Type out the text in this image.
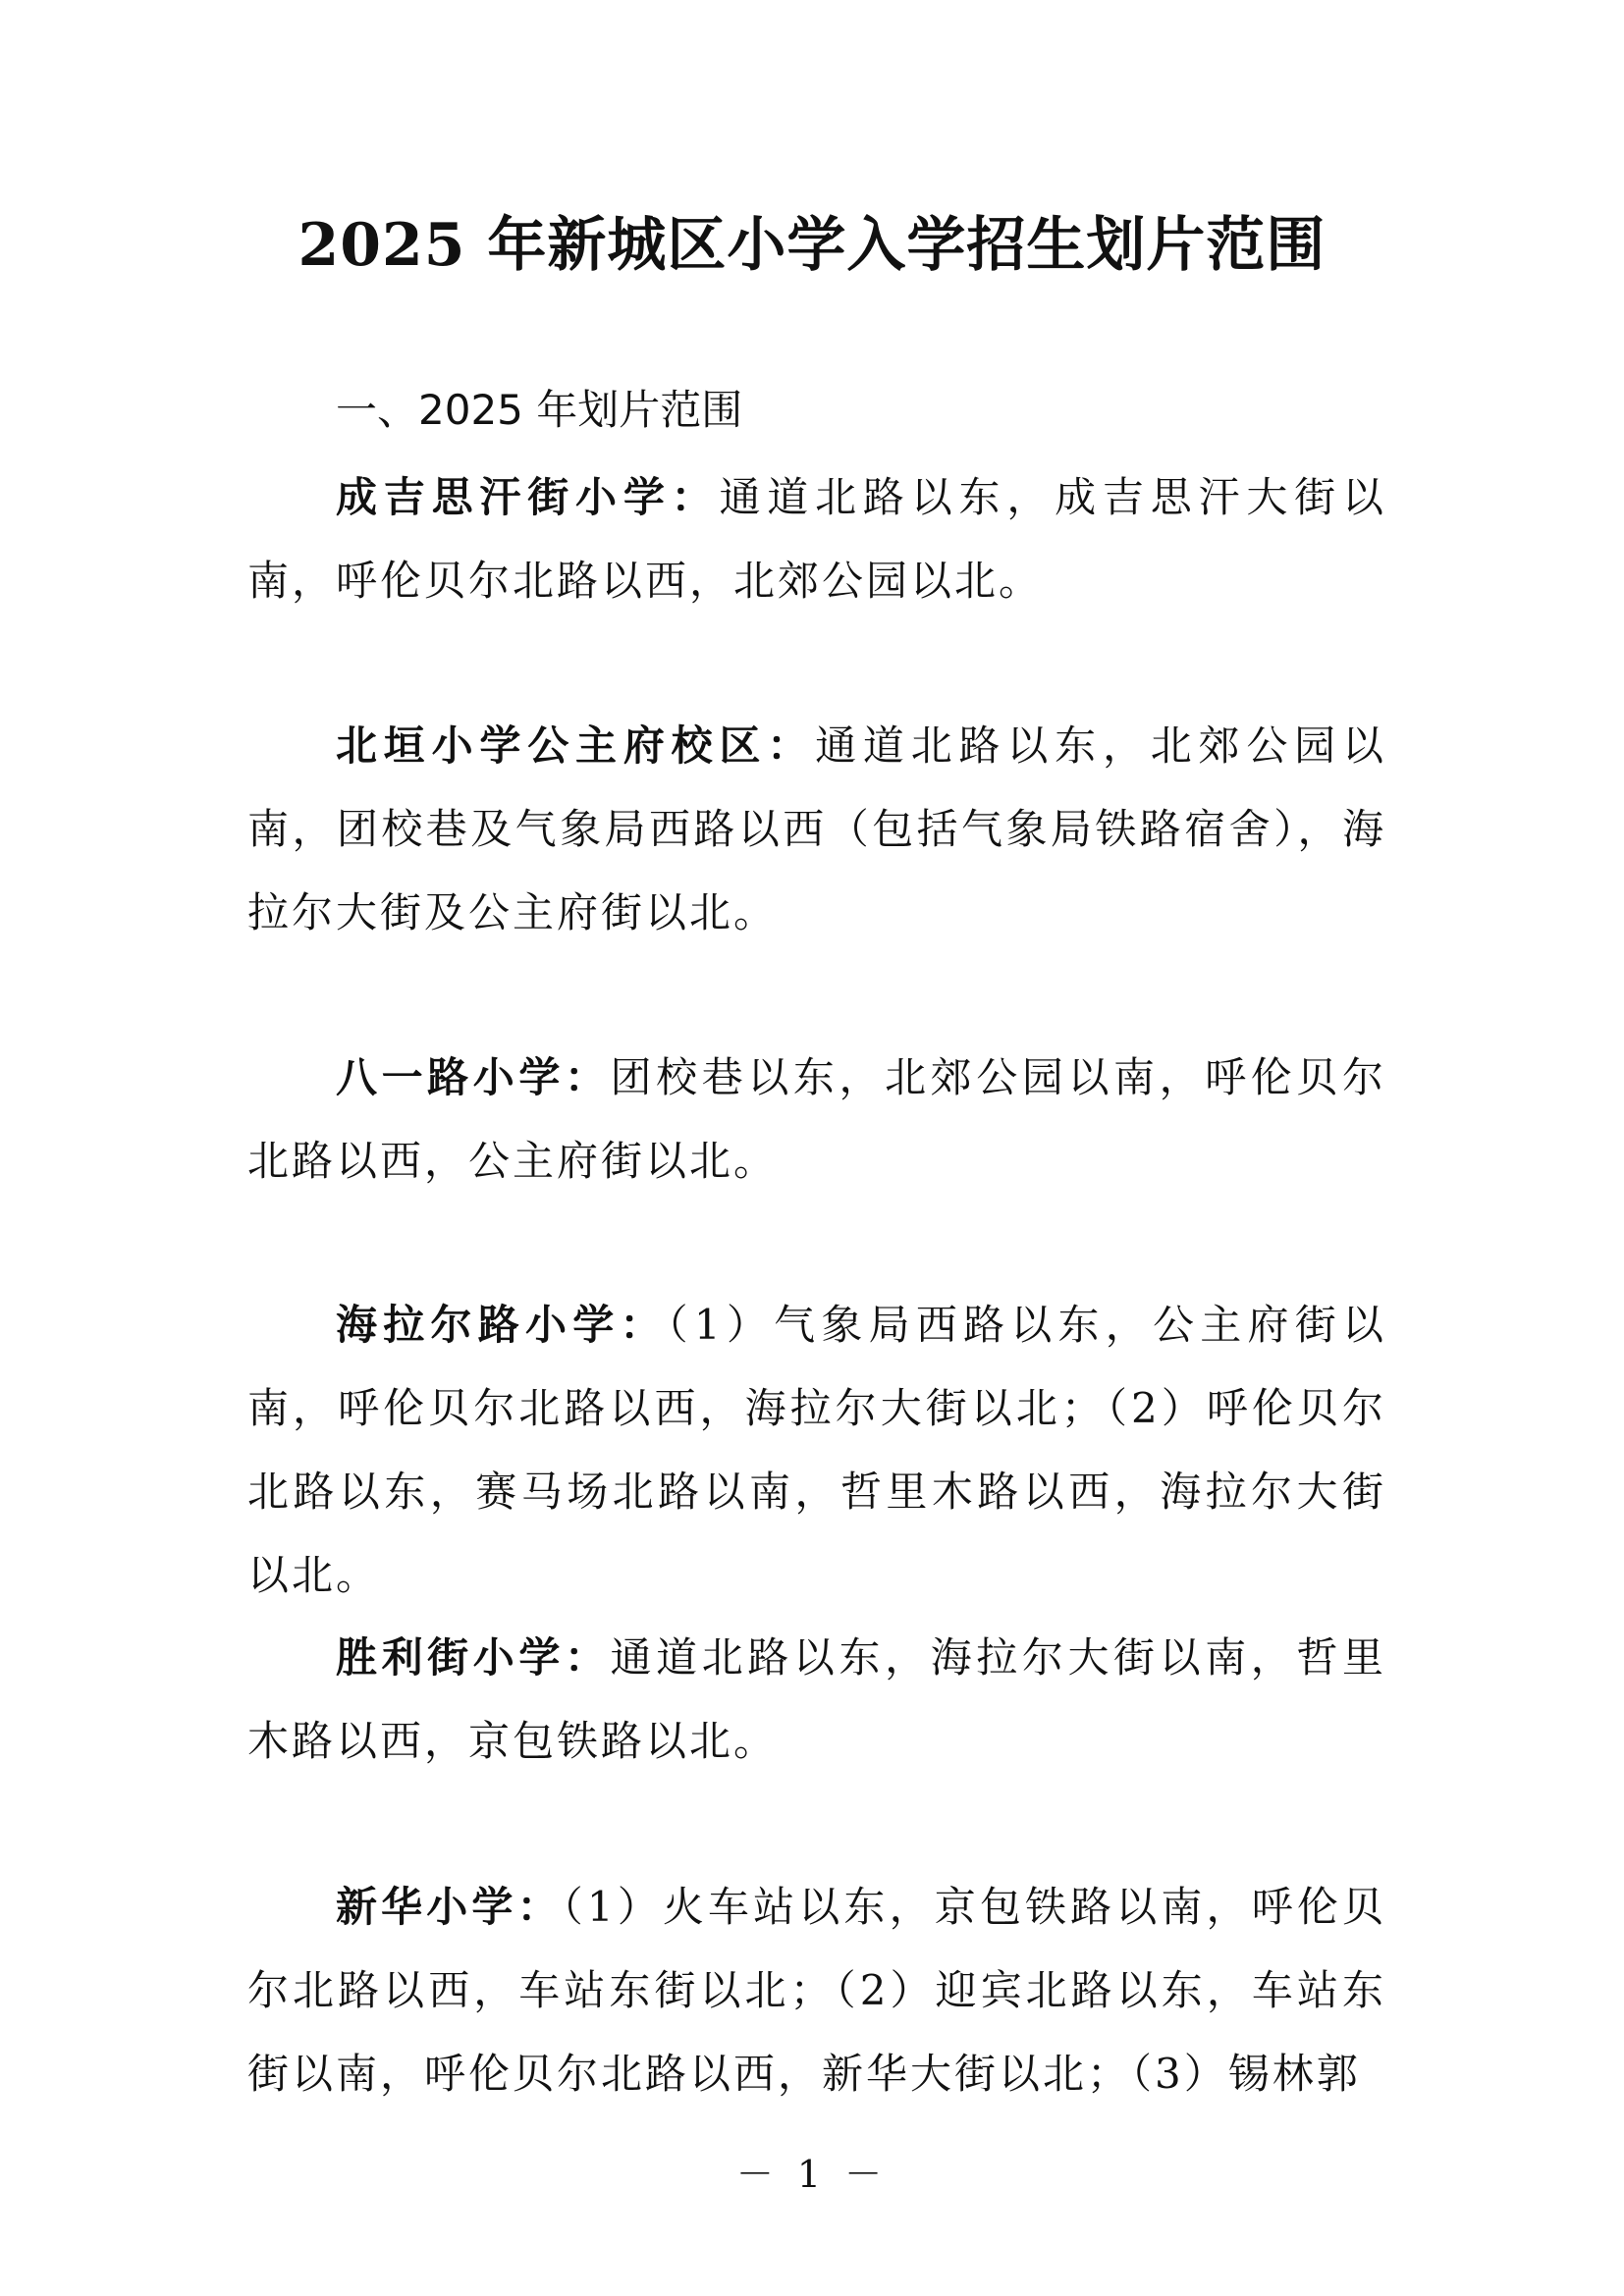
2025 年新城区小学入学招生划片范围
一、2025 年划片范围
成吉思汗街小学：通道北路以东，成吉思汗大街以南，呼伦贝尔北路以西，北郊公园以北。
北垣小学公主府校区：通道北路以东，北郊公园以南，团校巷及气象局西路以西（包括气象局铁路宿舍），海拉尔大街及公主府街以北。
八一路小学：团校巷以东，北郊公园以南，呼伦贝尔北路以西，公主府街以北。
海拉尔路小学：（1）气象局西路以东，公主府街以南，呼伦贝尔北路以西，海拉尔大街以北；（2）呼伦贝尔北路以东，赛马场北路以南，哲里木路以西，海拉尔大街以北。
胜利街小学：通道北路以东，海拉尔大街以南，哲里木路以西，京包铁路以北。
新华小学：（1）火车站以东，京包铁路以南，呼伦贝尔北路以西，车站东街以北；（2）迎宾北路以东，车站东街以南，呼伦贝尔北路以西，新华大街以北；（3）锡林郭
－ 1 －
